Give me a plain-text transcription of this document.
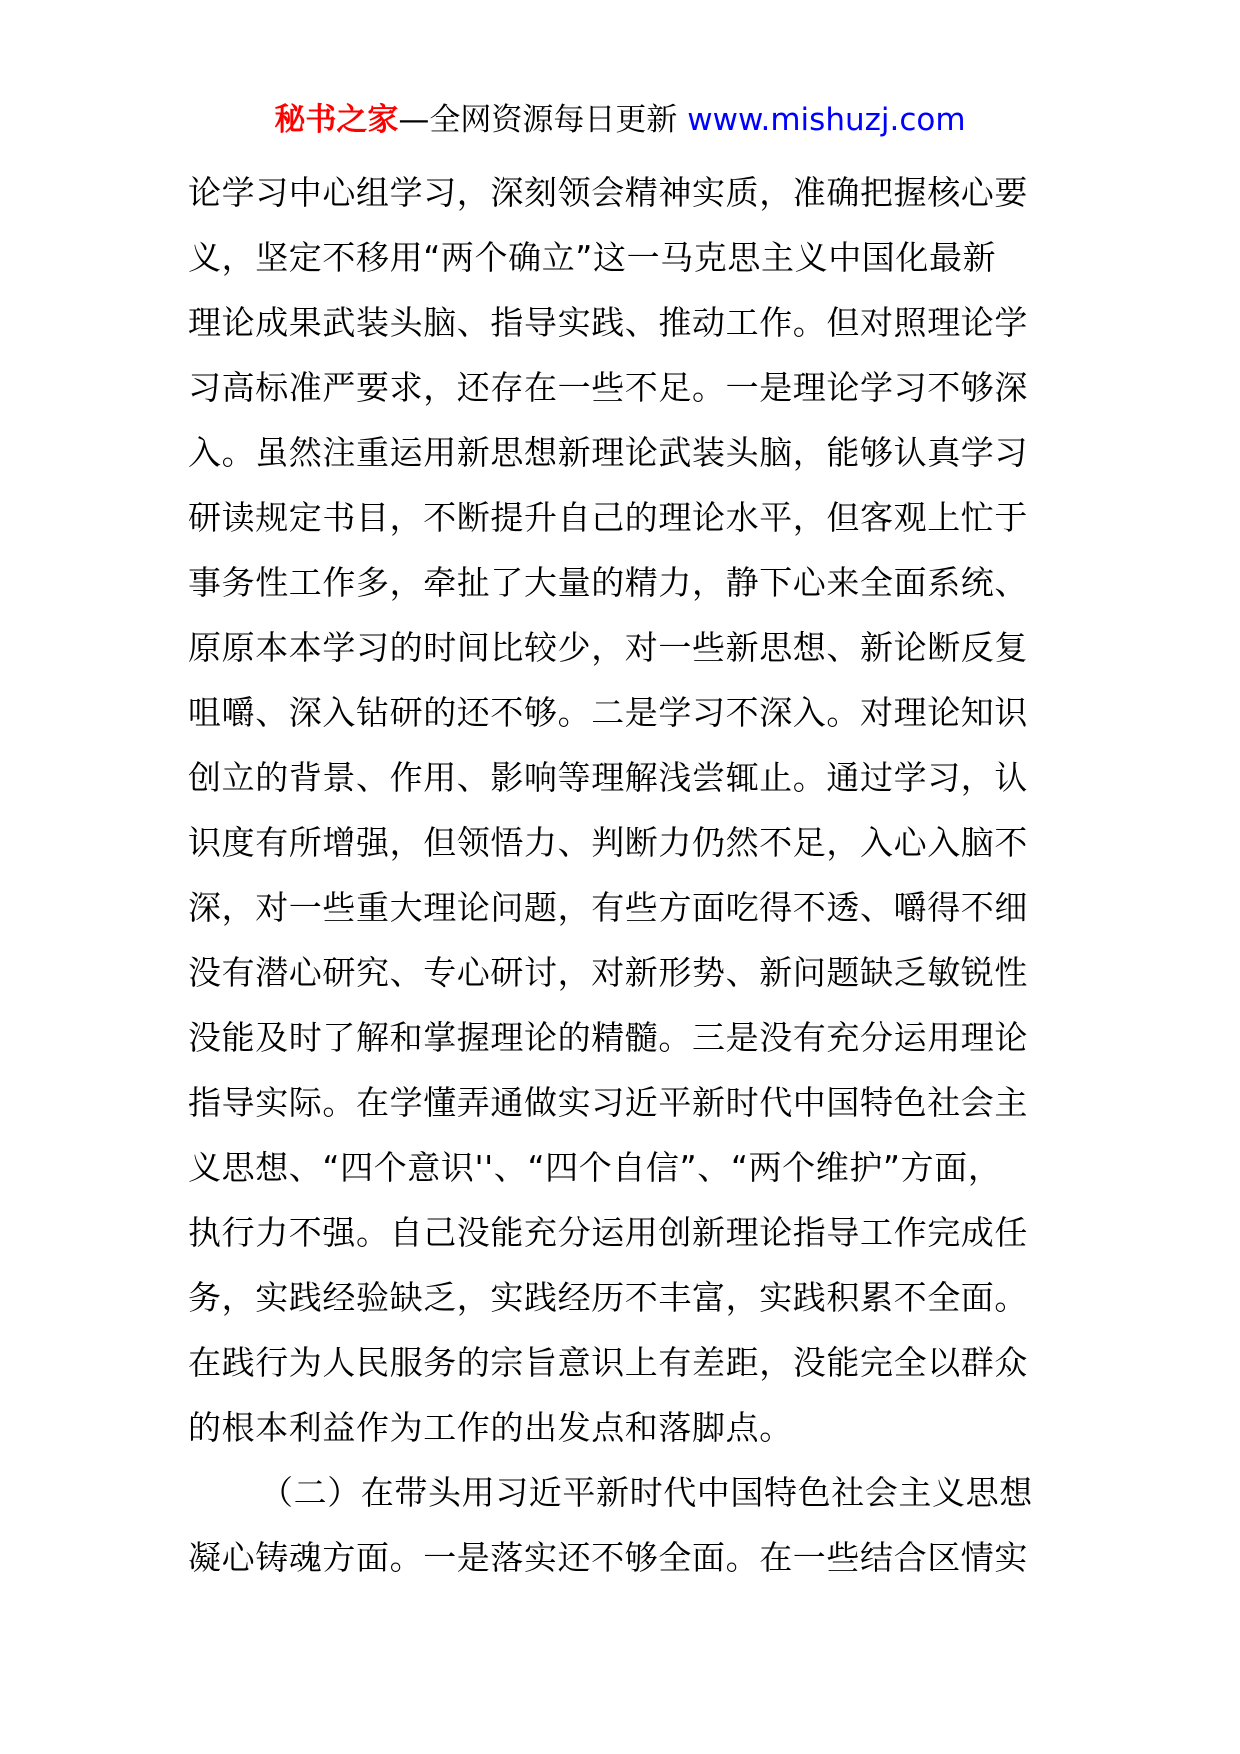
秘书之家—全网资源每日更新 www.mishuzj.com
论学习中心组学习，深刻领会精神实质，准确把握核心要
义，坚定不移用“两个确立”这一马克思主义中国化最新
理论成果武装头脑、指导实践、推动工作。但对照理论学
习高标准严要求，还存在一些不足。一是理论学习不够深
入。虽然注重运用新思想新理论武装头脑，能够认真学习
研读规定书目，不断提升自己的理论水平，但客观上忙于
事务性工作多，牵扯了大量的精力，静下心来全面系统、
原原本本学习的时间比较少，对一些新思想、新论断反复
咀嚼、深入钻研的还不够。二是学习不深入。对理论知识
创立的背景、作用、影响等理解浅尝辄止。通过学习，认
识度有所增强，但领悟力、判断力仍然不足，入心入脑不
深，对一些重大理论问题，有些方面吃得不透、嚼得不细
没有潜心研究、专心研讨，对新形势、新问题缺乏敏锐性
没能及时了解和掌握理论的精髓。三是没有充分运用理论
指导实际。在学懂弄通做实习近平新时代中国特色社会主
义思想、“四个意识''、“四个自信”、“两个维护”方面，
执行力不强。自己没能充分运用创新理论指导工作完成任
务，实践经验缺乏，实践经历不丰富，实践积累不全面。
在践行为人民服务的宗旨意识上有差距，没能完全以群众
的根本利益作为工作的出发点和落脚点。
（二）在带头用习近平新时代中国特色社会主义思想
凝心铸魂方面。一是落实还不够全面。在一些结合区情实
